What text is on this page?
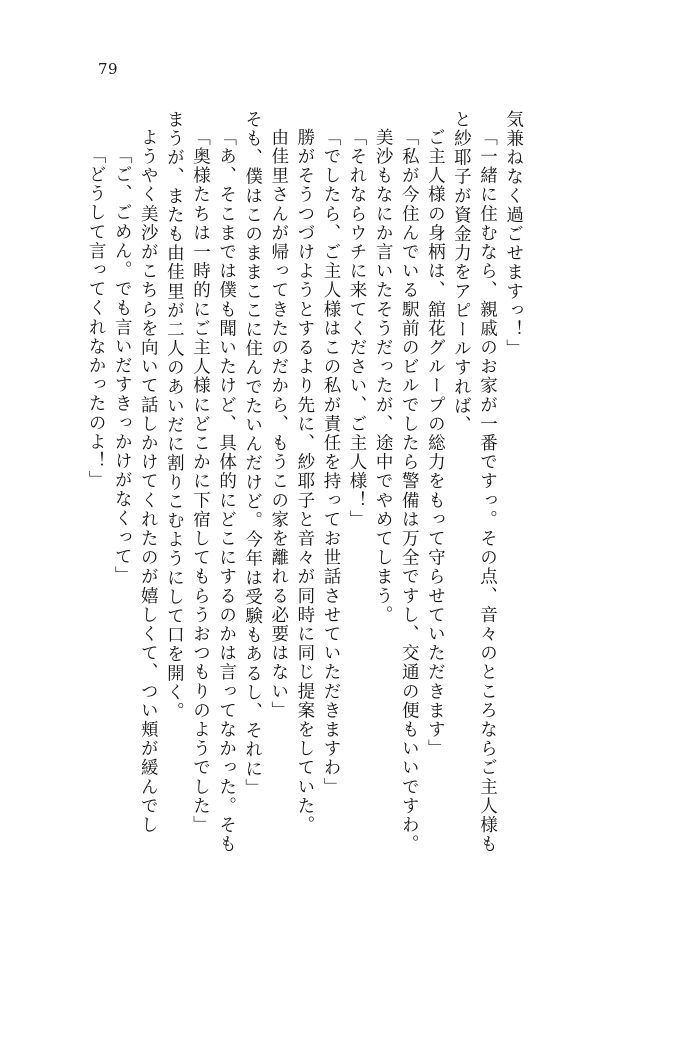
79
「どうして言ってくれなかったのよ！」 「ご、ごめん。でも言いだすきっかけがなくって」 ようやく美沙がこちらを向いて話しかけてくれたのが嬉しくて、つい頬が緩んでし まうが、またも由佳里が二人のあいだに割りこむようにして口を開く。 「奥様たちは一時的にご主人様にどこかに下宿してもらうおつもりのようでした」 「あ、そこまでは僕も聞いたけど、具体的にどこにするのかは言ってなかった。そも そも、僕はこのままここに住んでたいんだけど。今年は受験もあるし、それに」 由佳里さんが帰ってきたのだから、もうこの家を離れる必要はない」 勝がそうつづけようとするより先に、紗耶子と音々が同時に同じ提案をしていた。 「でしたら、ご主人様はこの私が責任を持ってお世話させていただきますわ」 「それならウチに来てください、ご主人様！」 美沙もなにか言いたそうだったが、途中でやめてしまう。 「私が今住んでいる駅前のビルでしたら警備は万全ですし、交通の便もいいですわ。 ご主人様の身柄は、舘花グループの総力をもって守らせていただきます」 と紗耶子が資金力をアピールすれば、 「一緒に住むなら、親戚のお家が一番ですっ。その点、音々のところならご主人様も 気兼ねなく過ごせますっ！」
